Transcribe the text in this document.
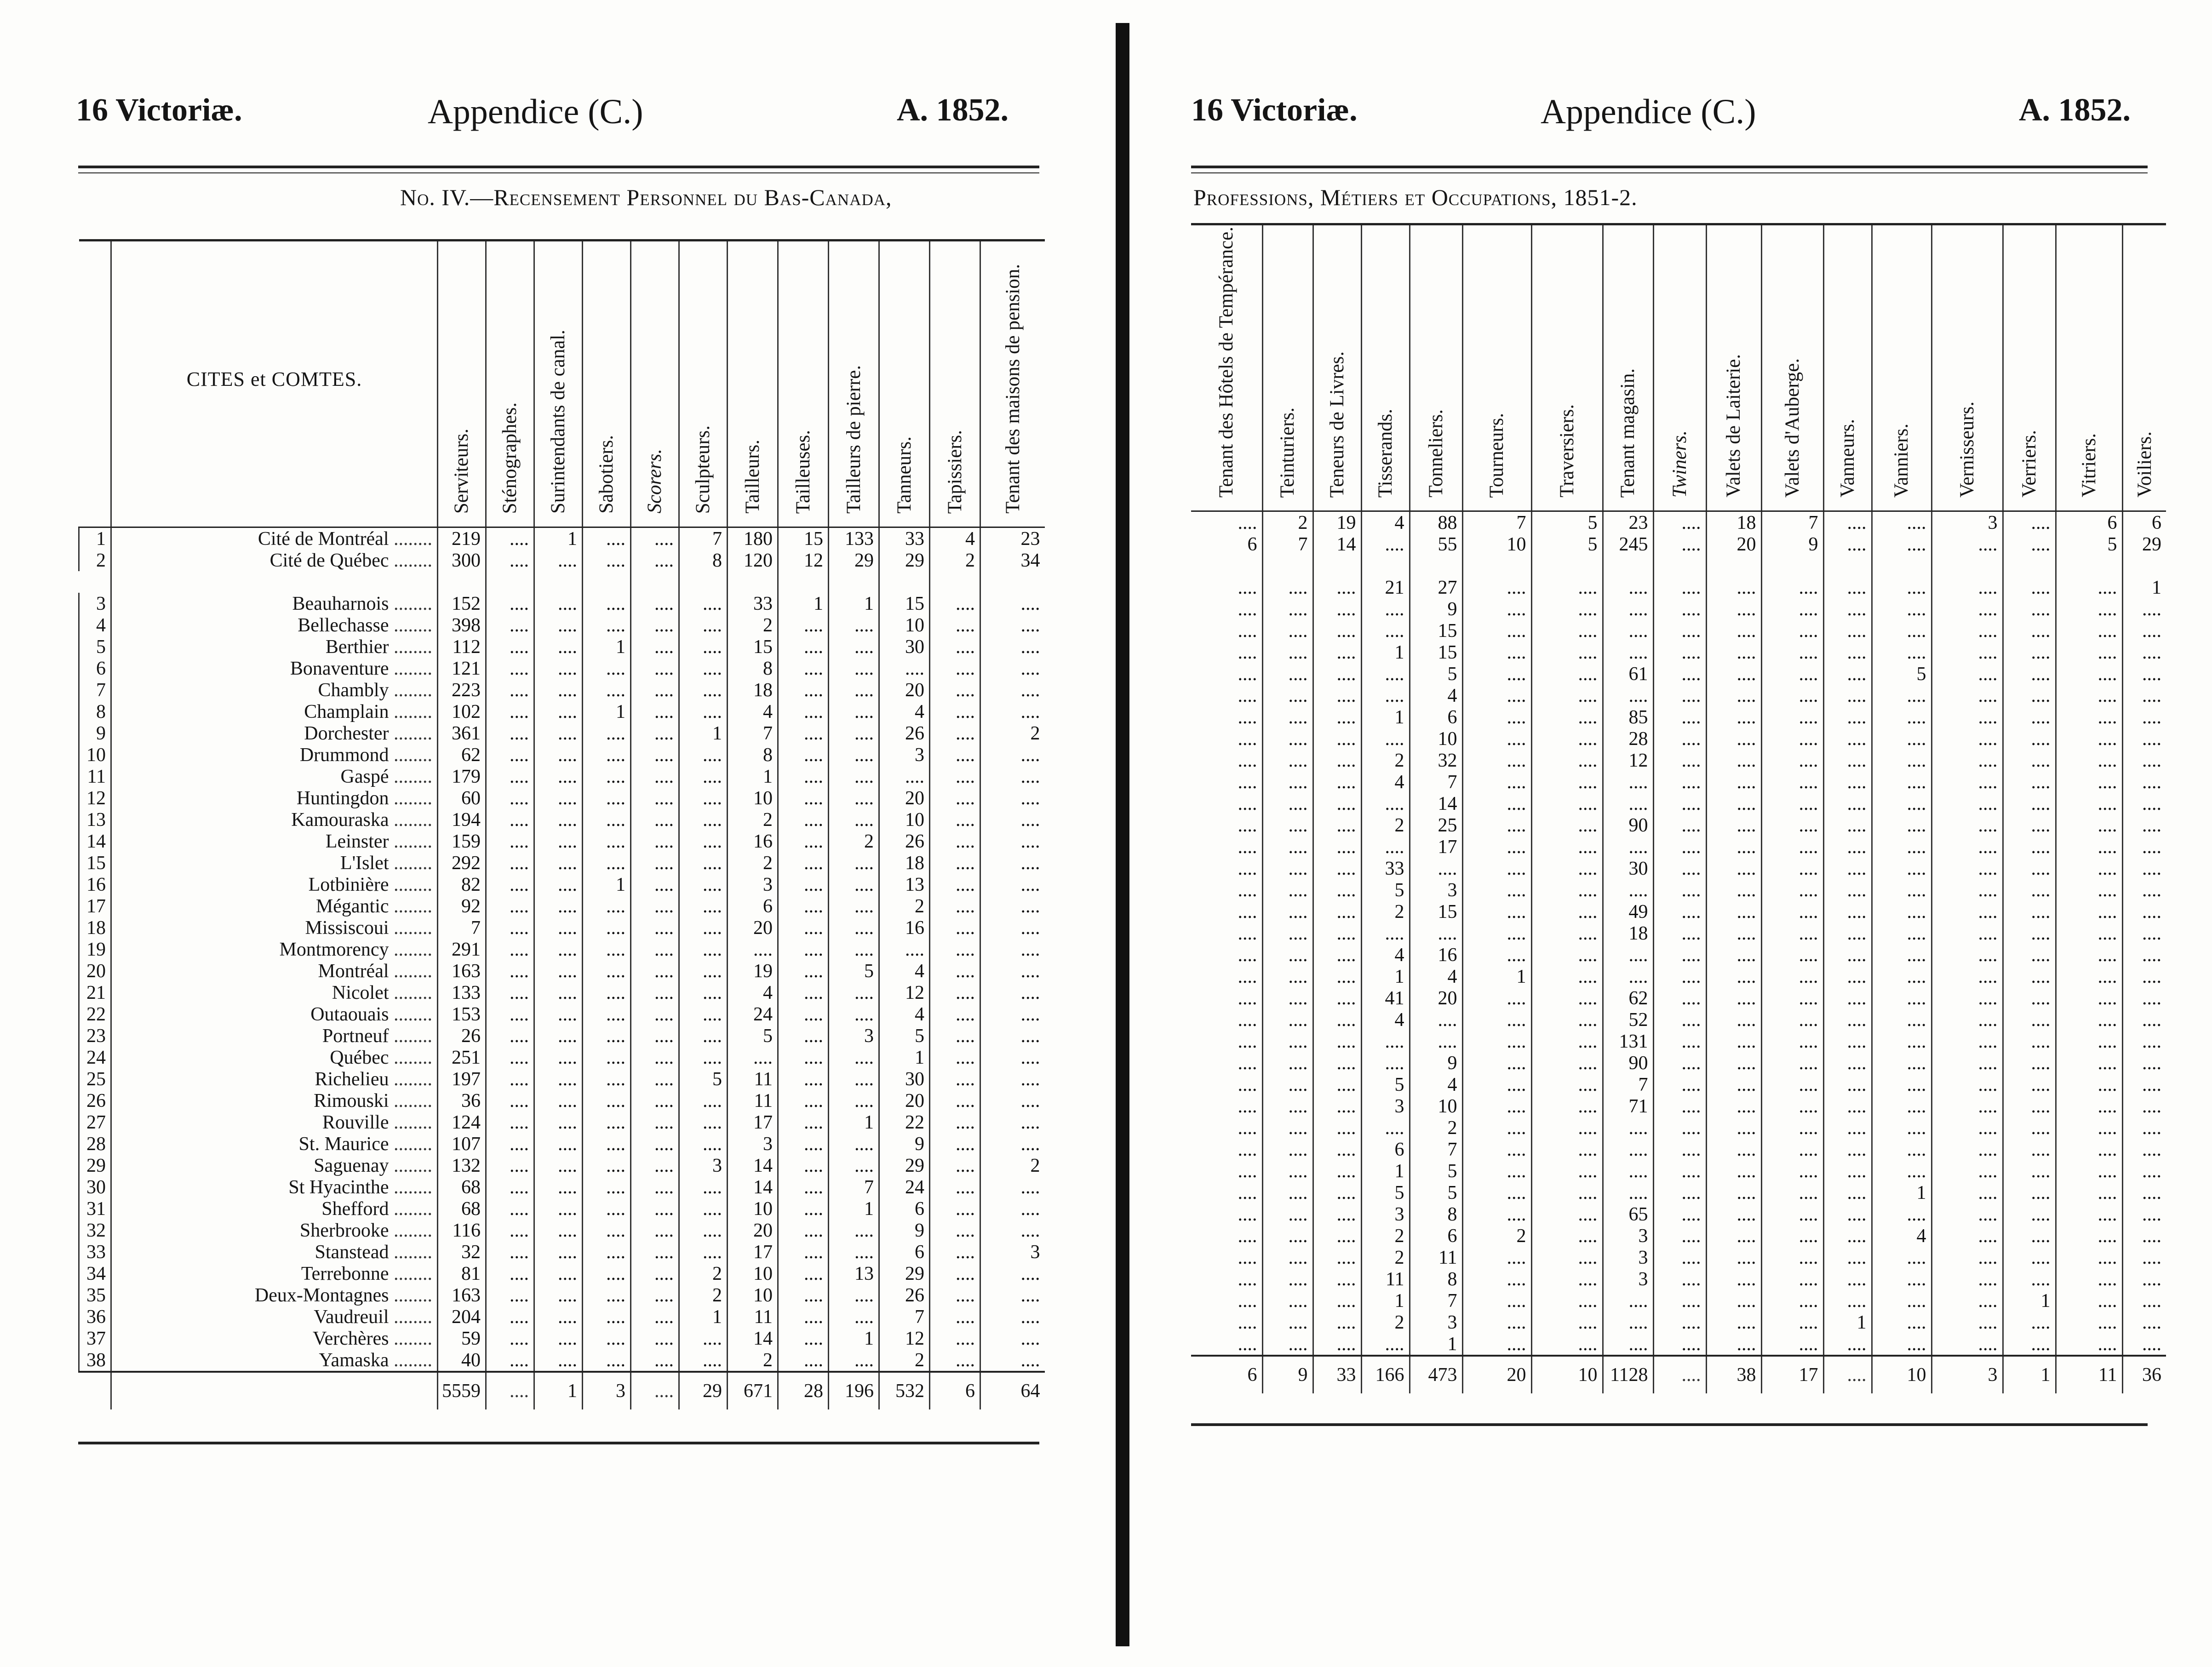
16 Victoriæ.	Appendice (C.)	A. 1852.
No. IV.—Recensement Personnel du Bas-Canada,
	CITES et COMTES.	Serviteurs.	Sténographes.	Surintendants de canal.	Sabotiers.	Scorers.	Sculpteurs.	Tailleurs.	Tailleuses.	Tailleurs de pierre.	Tanneurs.	Tapissiers.	Tenant des maisons de pension.
1	Cité de Montréal ........	219	....	1	....	....	7	180	15	133	33	4	23
2	Cité de Québec ........	300	....	....	....	....	8	120	12	29	29	2	34

3	Beauharnois ........	152	....	....	....	....	....	33	1	1	15	....	....
4	Bellechasse ........	398	....	....	....	....	....	2	....	....	10	....	....
5	Berthier ........	112	....	....	1	....	....	15	....	....	30	....	....
6	Bonaventure ........	121	....	....	....	....	....	8	....	....	....	....	....
7	Chambly ........	223	....	....	....	....	....	18	....	....	20	....	....
8	Champlain ........	102	....	....	1	....	....	4	....	....	4	....	....
9	Dorchester ........	361	....	....	....	....	1	7	....	....	26	....	2
10	Drummond ........	62	....	....	....	....	....	8	....	....	3	....	....
11	Gaspé ........	179	....	....	....	....	....	1	....	....	....	....	....
12	Huntingdon ........	60	....	....	....	....	....	10	....	....	20	....	....
13	Kamouraska ........	194	....	....	....	....	....	2	....	....	10	....	....
14	Leinster ........	159	....	....	....	....	....	16	....	2	26	....	....
15	L'Islet ........	292	....	....	....	....	....	2	....	....	18	....	....
16	Lotbinière ........	82	....	....	1	....	....	3	....	....	13	....	....
17	Mégantic ........	92	....	....	....	....	....	6	....	....	2	....	....
18	Missiscoui ........	7	....	....	....	....	....	20	....	....	16	....	....
19	Montmorency ........	291	....	....	....	....	....	....	....	....	....	....	....
20	Montréal ........	163	....	....	....	....	....	19	....	5	4	....	....
21	Nicolet ........	133	....	....	....	....	....	4	....	....	12	....	....
22	Outaouais ........	153	....	....	....	....	....	24	....	....	4	....	....
23	Portneuf ........	26	....	....	....	....	....	5	....	3	5	....	....
24	Québec ........	251	....	....	....	....	....	....	....	....	1	....	....
25	Richelieu ........	197	....	....	....	....	5	11	....	....	30	....	....
26	Rimouski ........	36	....	....	....	....	....	11	....	....	20	....	....
27	Rouville ........	124	....	....	....	....	....	17	....	1	22	....	....
28	St. Maurice ........	107	....	....	....	....	....	3	....	....	9	....	....
29	Saguenay ........	132	....	....	....	....	3	14	....	....	29	....	2
30	St Hyacinthe ........	68	....	....	....	....	....	14	....	7	24	....	....
31	Shefford ........	68	....	....	....	....	....	10	....	1	6	....	....
32	Sherbrooke ........	116	....	....	....	....	....	20	....	....	9	....	....
33	Stanstead ........	32	....	....	....	....	....	17	....	....	6	....	3
34	Terrebonne ........	81	....	....	....	....	2	10	....	13	29	....	....
35	Deux-Montagnes ........	163	....	....	....	....	2	10	....	....	26	....	....
36	Vaudreuil ........	204	....	....	....	....	1	11	....	....	7	....	....
37	Verchères ........	59	....	....	....	....	....	14	....	1	12	....	....
38	Yamaska ........	40	....	....	....	....	....	2	....	....	2	....	....
		5559	....	1	3	....	29	671	28	196	532	6	64
16 Victoriæ.	Appendice (C.)	A. 1852.
Professions, Métiers et Occupations, 1851-2.
Tenant des Hôtels de Tempérance.	Teinturiers.	Teneurs de Livres.	Tisserands.	Tonneliers.	Tourneurs.	Traversiers.	Tenant magasin.	Twiners.	Valets de Laiterie.	Valets d'Auberge.	Vanneurs.	Vanniers.	Vernisseurs.	Verriers.	Vitriers.	Voiliers.
....	2	19	4	88	7	5	23	....	18	7	....	....	3	....	6	6
6	7	14	....	55	10	5	245	....	20	9	....	....	....	....	5	29

....	....	....	21	27	....	....	....	....	....	....	....	....	....	....	....	1
....	....	....	....	9	....	....	....	....	....	....	....	....	....	....	....	....
....	....	....	....	15	....	....	....	....	....	....	....	....	....	....	....	....
....	....	....	1	15	....	....	....	....	....	....	....	....	....	....	....	....
....	....	....	....	5	....	....	61	....	....	....	....	5	....	....	....	....
....	....	....	....	4	....	....	....	....	....	....	....	....	....	....	....	....
....	....	....	1	6	....	....	85	....	....	....	....	....	....	....	....	....
....	....	....	....	10	....	....	28	....	....	....	....	....	....	....	....	....
....	....	....	2	32	....	....	12	....	....	....	....	....	....	....	....	....
....	....	....	4	7	....	....	....	....	....	....	....	....	....	....	....	....
....	....	....	....	14	....	....	....	....	....	....	....	....	....	....	....	....
....	....	....	2	25	....	....	90	....	....	....	....	....	....	....	....	....
....	....	....	....	17	....	....	....	....	....	....	....	....	....	....	....	....
....	....	....	33	....	....	....	30	....	....	....	....	....	....	....	....	....
....	....	....	5	3	....	....	....	....	....	....	....	....	....	....	....	....
....	....	....	2	15	....	....	49	....	....	....	....	....	....	....	....	....
....	....	....	....	....	....	....	18	....	....	....	....	....	....	....	....	....
....	....	....	4	16	....	....	....	....	....	....	....	....	....	....	....	....
....	....	....	1	4	1	....	....	....	....	....	....	....	....	....	....	....
....	....	....	41	20	....	....	62	....	....	....	....	....	....	....	....	....
....	....	....	4	....	....	....	52	....	....	....	....	....	....	....	....	....
....	....	....	....	....	....	....	131	....	....	....	....	....	....	....	....	....
....	....	....	....	9	....	....	90	....	....	....	....	....	....	....	....	....
....	....	....	5	4	....	....	7	....	....	....	....	....	....	....	....	....
....	....	....	3	10	....	....	71	....	....	....	....	....	....	....	....	....
....	....	....	....	2	....	....	....	....	....	....	....	....	....	....	....	....
....	....	....	6	7	....	....	....	....	....	....	....	....	....	....	....	....
....	....	....	1	5	....	....	....	....	....	....	....	....	....	....	....	....
....	....	....	5	5	....	....	....	....	....	....	....	1	....	....	....	....
....	....	....	3	8	....	....	65	....	....	....	....	....	....	....	....	....
....	....	....	2	6	2	....	3	....	....	....	....	4	....	....	....	....
....	....	....	2	11	....	....	3	....	....	....	....	....	....	....	....	....
....	....	....	11	8	....	....	3	....	....	....	....	....	....	....	....	....
....	....	....	1	7	....	....	....	....	....	....	....	....	....	1	....	....
....	....	....	2	3	....	....	....	....	....	....	1	....	....	....	....	....
....	....	....	....	1	....	....	....	....	....	....	....	....	....	....	....	....
6	9	33	166	473	20	10	1128	....	38	17	....	10	3	1	11	36
